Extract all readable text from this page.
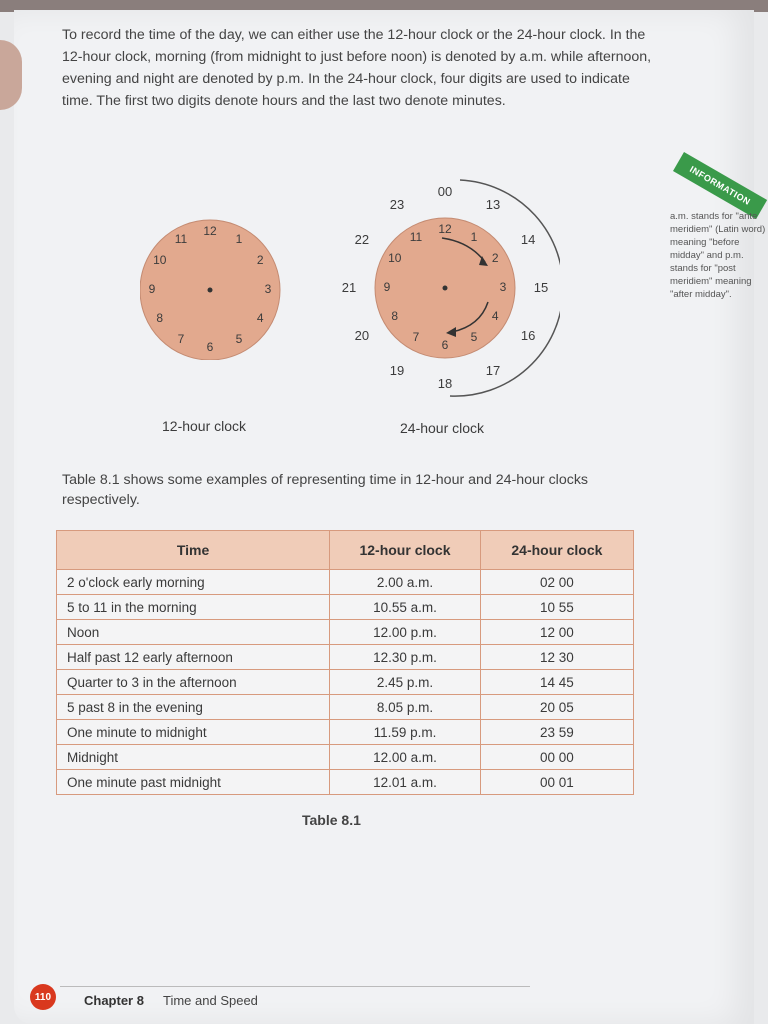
To record the time of the day, we can either use the 12-hour clock or the 24-hour clock. In the 12-hour clock, morning (from midnight to just before noon) is denoted by a.m. while afternoon, evening and night are denoted by p.m. In the 24-hour clock, four digits are used to indicate time. The first two digits denote hours and the last two denote minutes.

12
1
2
3
4
5
6
7
8
9
10
11
12-hour clock
12
1
2
3
4
5
6
7
8
9
10
11
00
13
14
15
16
17
18
19
20
21
22
23
24-hour clock
INFORMATION

a.m. stands for "ante meridiem" (Latin word) meaning "before midday" and p.m. stands for "post meridiem" meaning "after midday".

Table 8.1 shows some examples of representing time in 12-hour and 24-hour clocks respectively.

Time	12-hour clock	24-hour clock
2 o'clock early morning	2.00 a.m.	02 00
5 to 11 in the morning	10.55 a.m.	10 55
Noon	12.00 p.m.	12 00
Half past 12 early afternoon	12.30 p.m.	12 30
Quarter to 3 in the afternoon	2.45 p.m.	14 45
5 past 8 in the evening	8.05 p.m.	20 05
One minute to midnight	11.59 p.m.	23 59
Midnight	12.00 a.m.	00 00
One minute past midnight	12.01 a.m.	00 01
Table 8.1
110	Chapter 8 Time and Speed
